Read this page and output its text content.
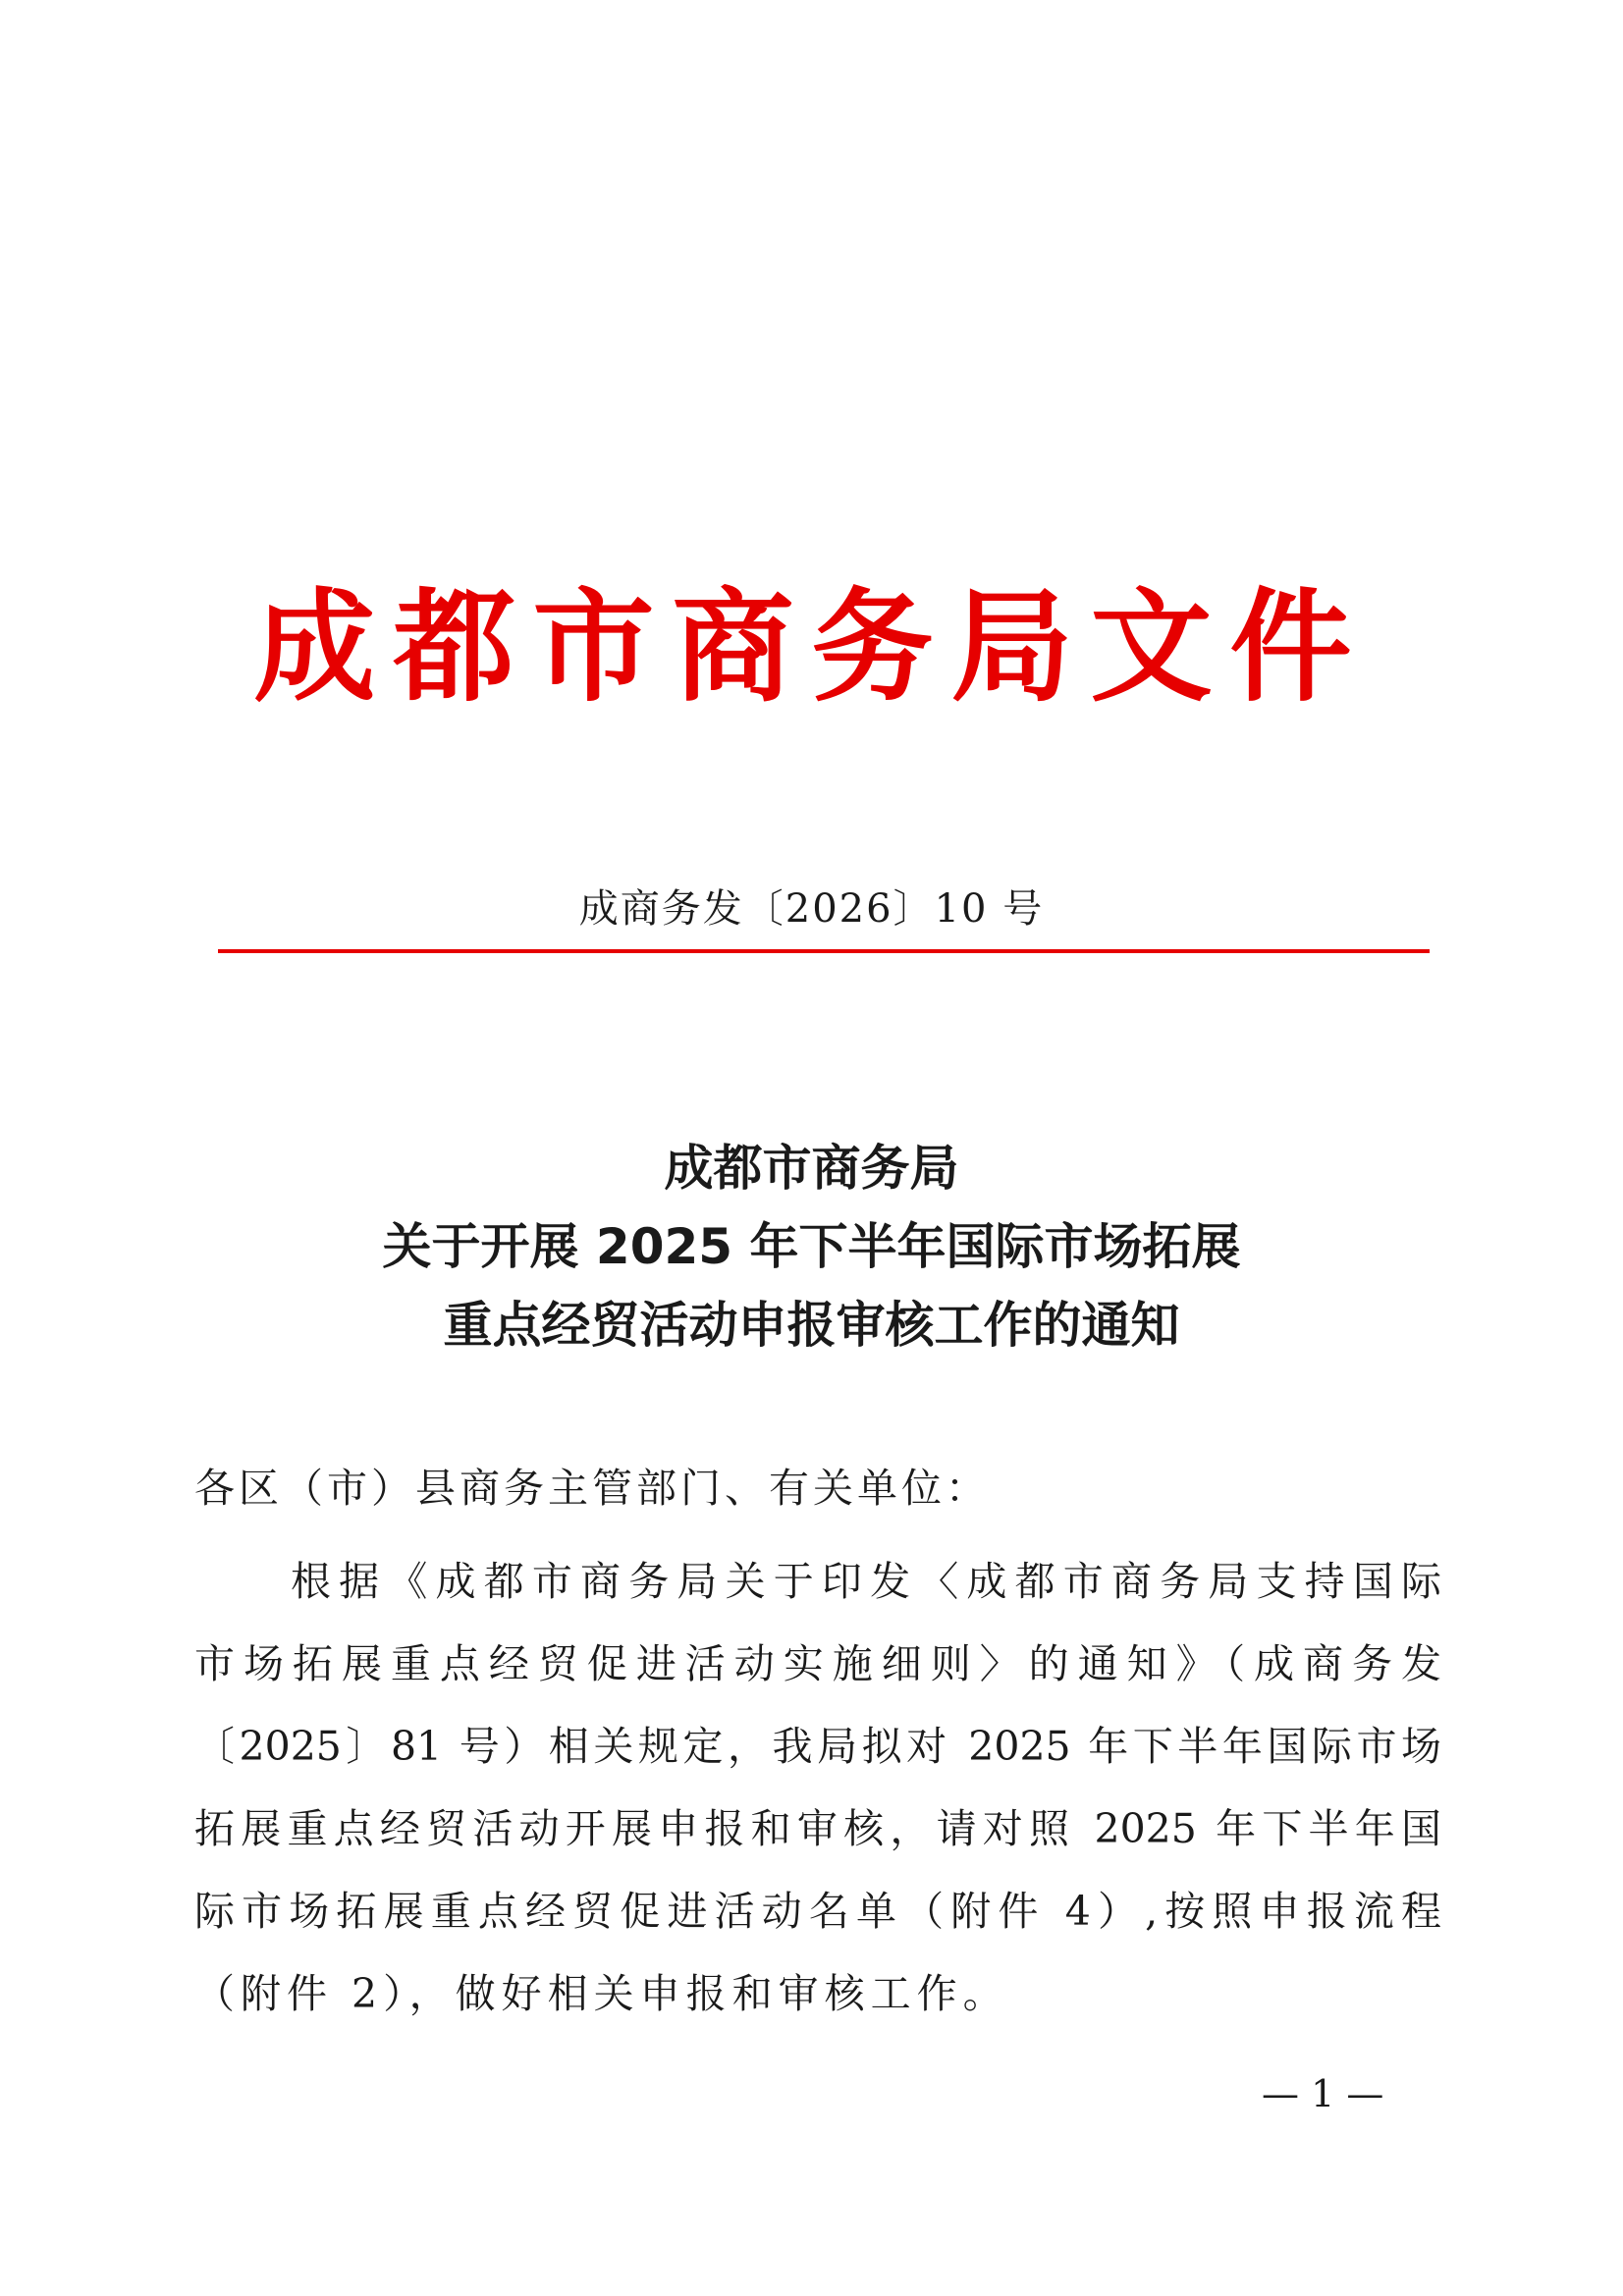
成都市商务局文件
成商务发〔2026〕10 号
成都市商务局
关于开展 2025 年下半年国际市场拓展
重点经贸活动申报审核工作的通知
各区（市）县商务主管部门、有关单位：
根据《成都市商务局关于印发〈成都市商务局支持国际
市场拓展重点经贸促进活动实施细则〉的通知》（成商务发
〔2025〕81 号）相关规定，我局拟对 2025 年下半年国际市场
拓展重点经贸活动开展申报和审核，请对照 2025 年下半年国
际市场拓展重点经贸促进活动名单（附件 4）,按照申报流程
（附件 2），做好相关申报和审核工作。
— 1 —
